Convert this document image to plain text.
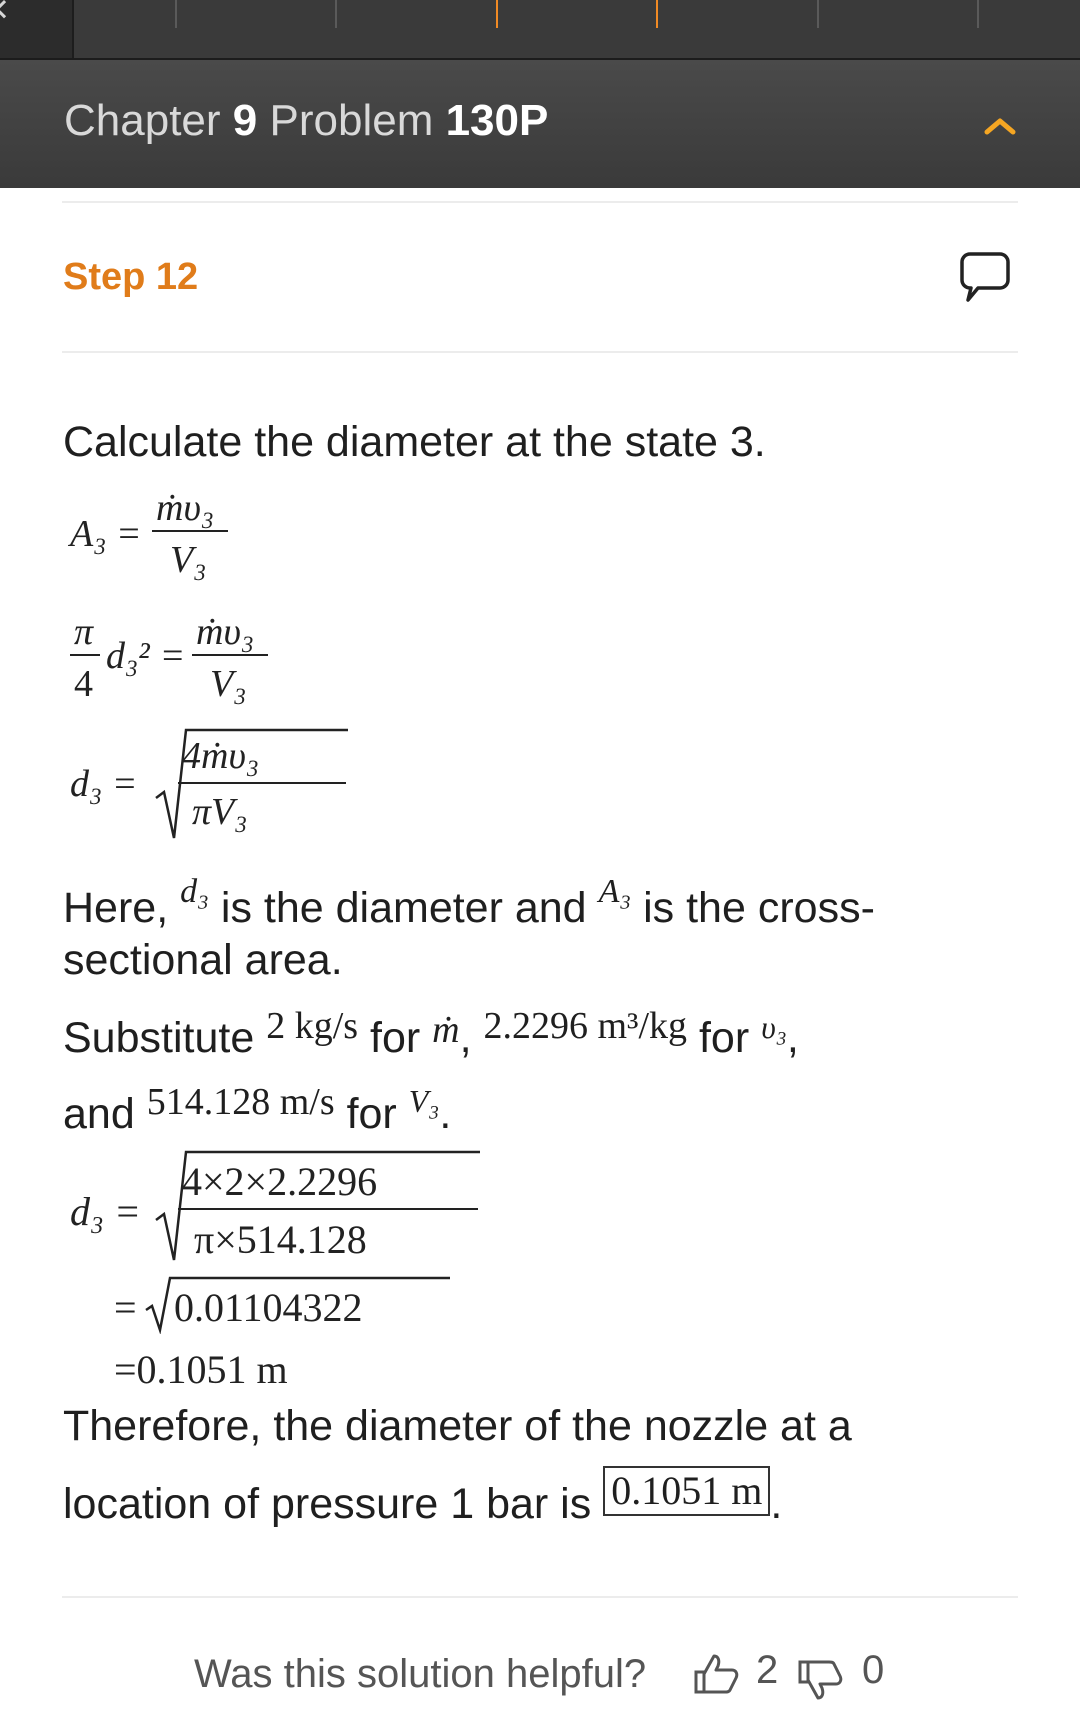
Chapter 9 Problem 130P
Step 12
Calculate the diameter at the state 3.
A₃ =
ṁυ₃
V₃
π
4
d₃² =
ṁυ₃
V₃
d₃ =
4ṁυ₃
πV₃
Here, $^{d_3}$ is the diameter and $^{A_3}$ is the cross-
sectional area.
Substitute 2 kg/s for ṁ, 2.2296 m³/kg for $^{\upsilon_3}$,
and 514.128 m/s for $^{V_3}$.
d₃ =
4×2×2.2296
π×514.128
= 0.01104322
=0.1051 m
Therefore, the diameter of the nozzle at a
location of pressure 1 bar is 0.1051 m .
Was this solution helpful?	2 0
